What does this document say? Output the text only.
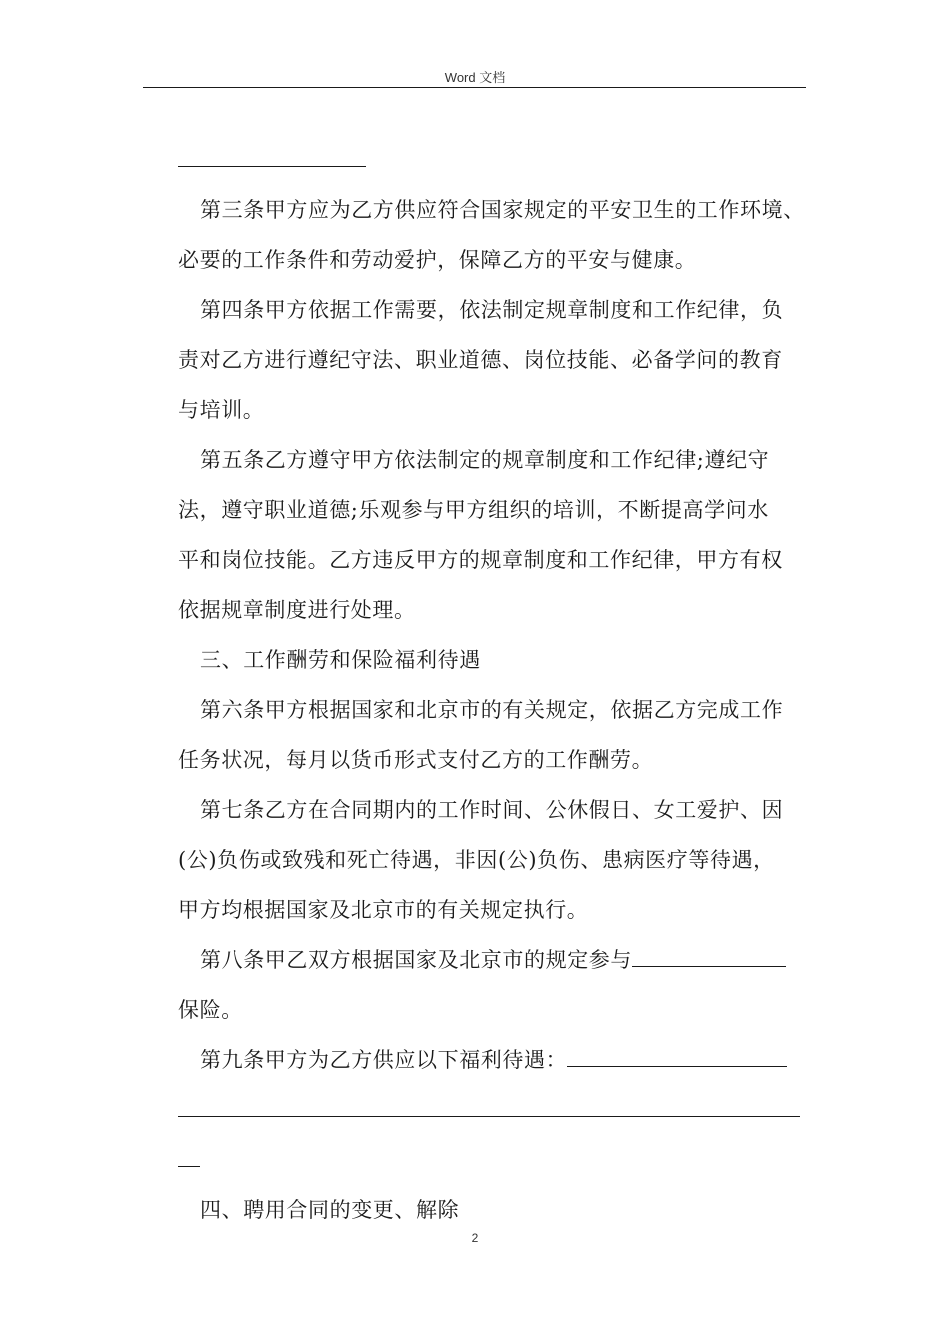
Word 文档
第三条甲方应为乙方供应符合国家规定的平安卫生的工作环境、
必要的工作条件和劳动爱护，保障乙方的平安与健康。
第四条甲方依据工作需要，依法制定规章制度和工作纪律，负
责对乙方进行遵纪守法、职业道德、岗位技能、必备学问的教育
与培训。
第五条乙方遵守甲方依法制定的规章制度和工作纪律;遵纪守
法，遵守职业道德;乐观参与甲方组织的培训，不断提高学问水
平和岗位技能。乙方违反甲方的规章制度和工作纪律，甲方有权
依据规章制度进行处理。
三、工作酬劳和保险福利待遇
第六条甲方根据国家和北京市的有关规定，依据乙方完成工作
任务状况，每月以货币形式支付乙方的工作酬劳。
第七条乙方在合同期内的工作时间、公休假日、女工爱护、因
(公)负伤或致残和死亡待遇，非因(公)负伤、患病医疗等待遇，
甲方均根据国家及北京市的有关规定执行。
第八条甲乙双方根据国家及北京市的规定参与
保险。
第九条甲方为乙方供应以下福利待遇：
四、聘用合同的变更、解除
2
